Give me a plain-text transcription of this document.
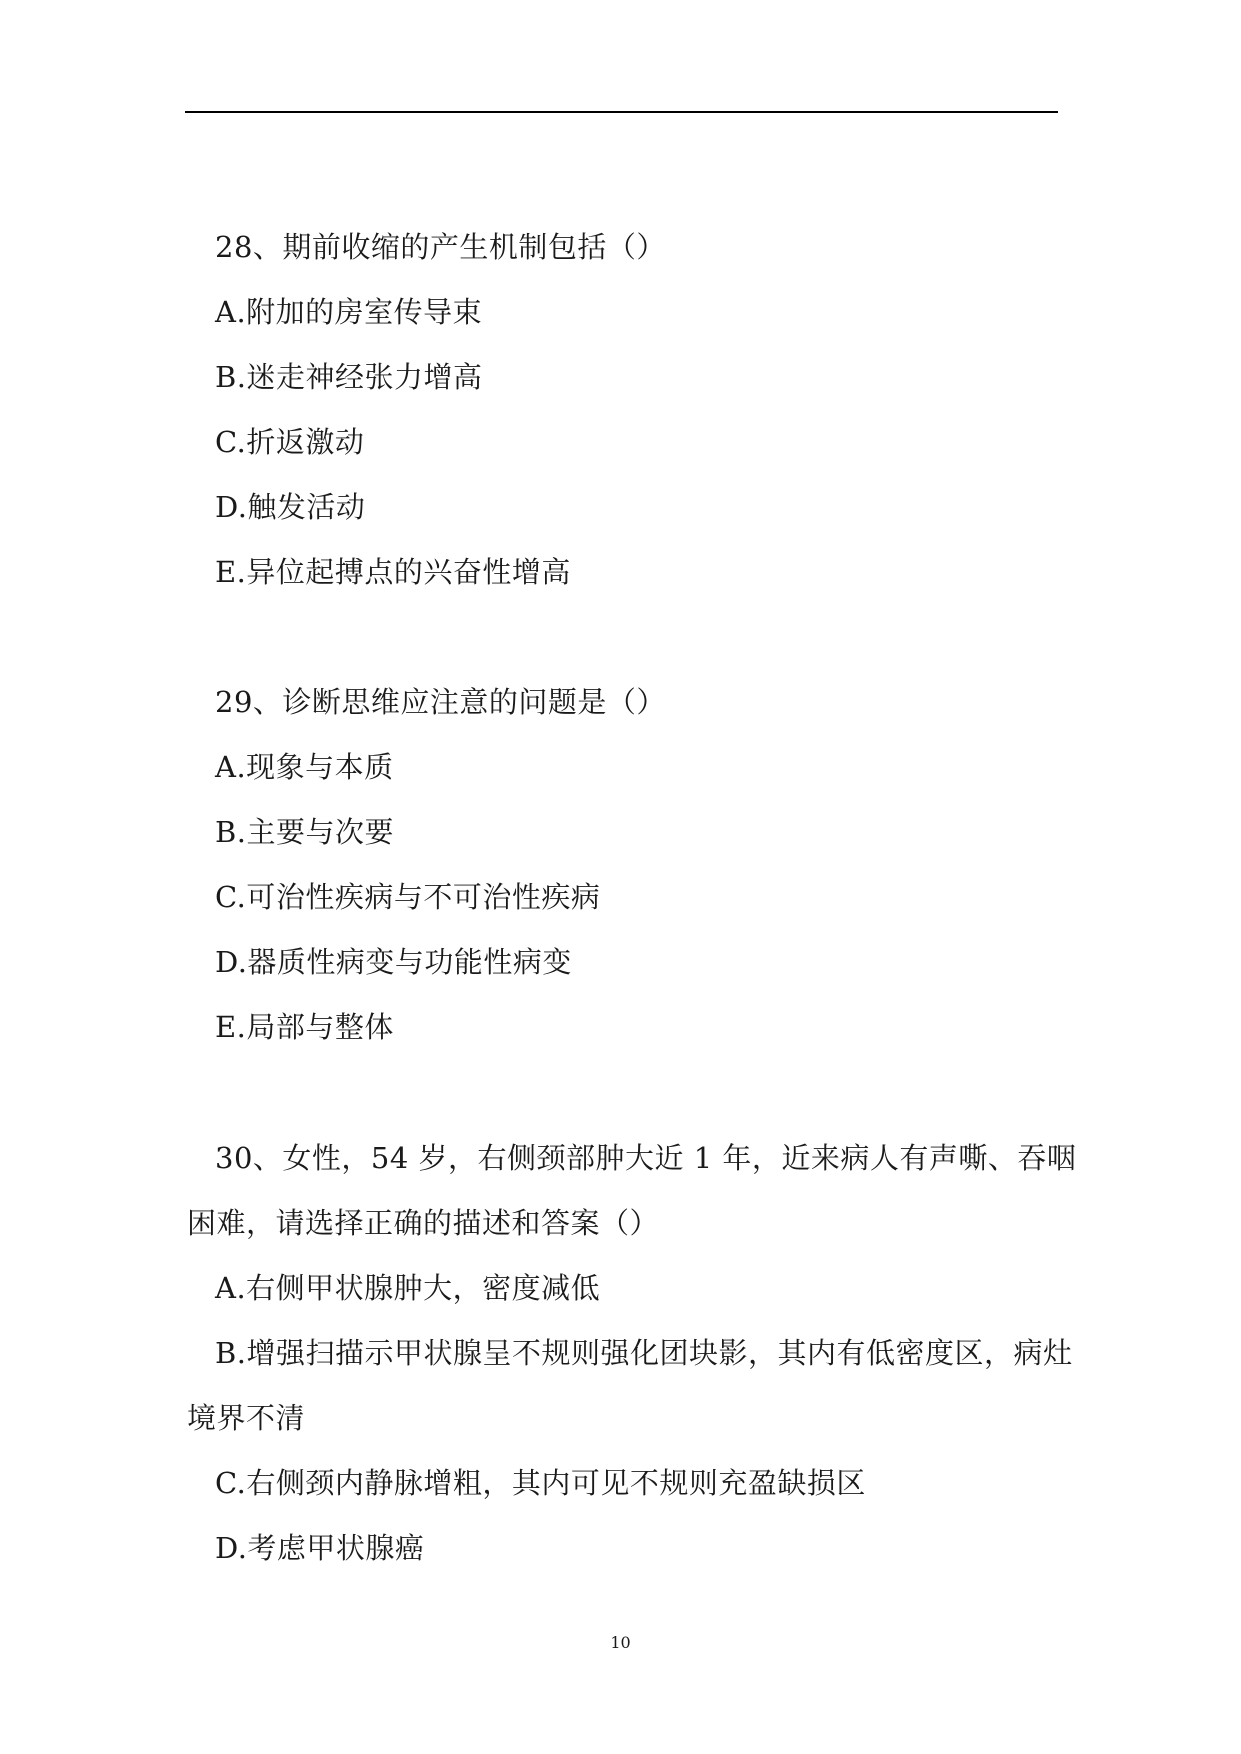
28、期前收缩的产生机制包括（）
A.附加的房室传导束
B.迷走神经张力增高
C.折返激动
D.触发活动
E.异位起搏点的兴奋性增高
29、诊断思维应注意的问题是（）
A.现象与本质
B.主要与次要
C.可治性疾病与不可治性疾病
D.器质性病变与功能性病变
E.局部与整体
30、女性，54 岁，右侧颈部肿大近 1 年，近来病人有声嘶、吞咽
困难，请选择正确的描述和答案（）
A.右侧甲状腺肿大，密度减低
B.增强扫描示甲状腺呈不规则强化团块影，其内有低密度区，病灶
境界不清
C.右侧颈内静脉增粗，其内可见不规则充盈缺损区
D.考虑甲状腺癌
10
